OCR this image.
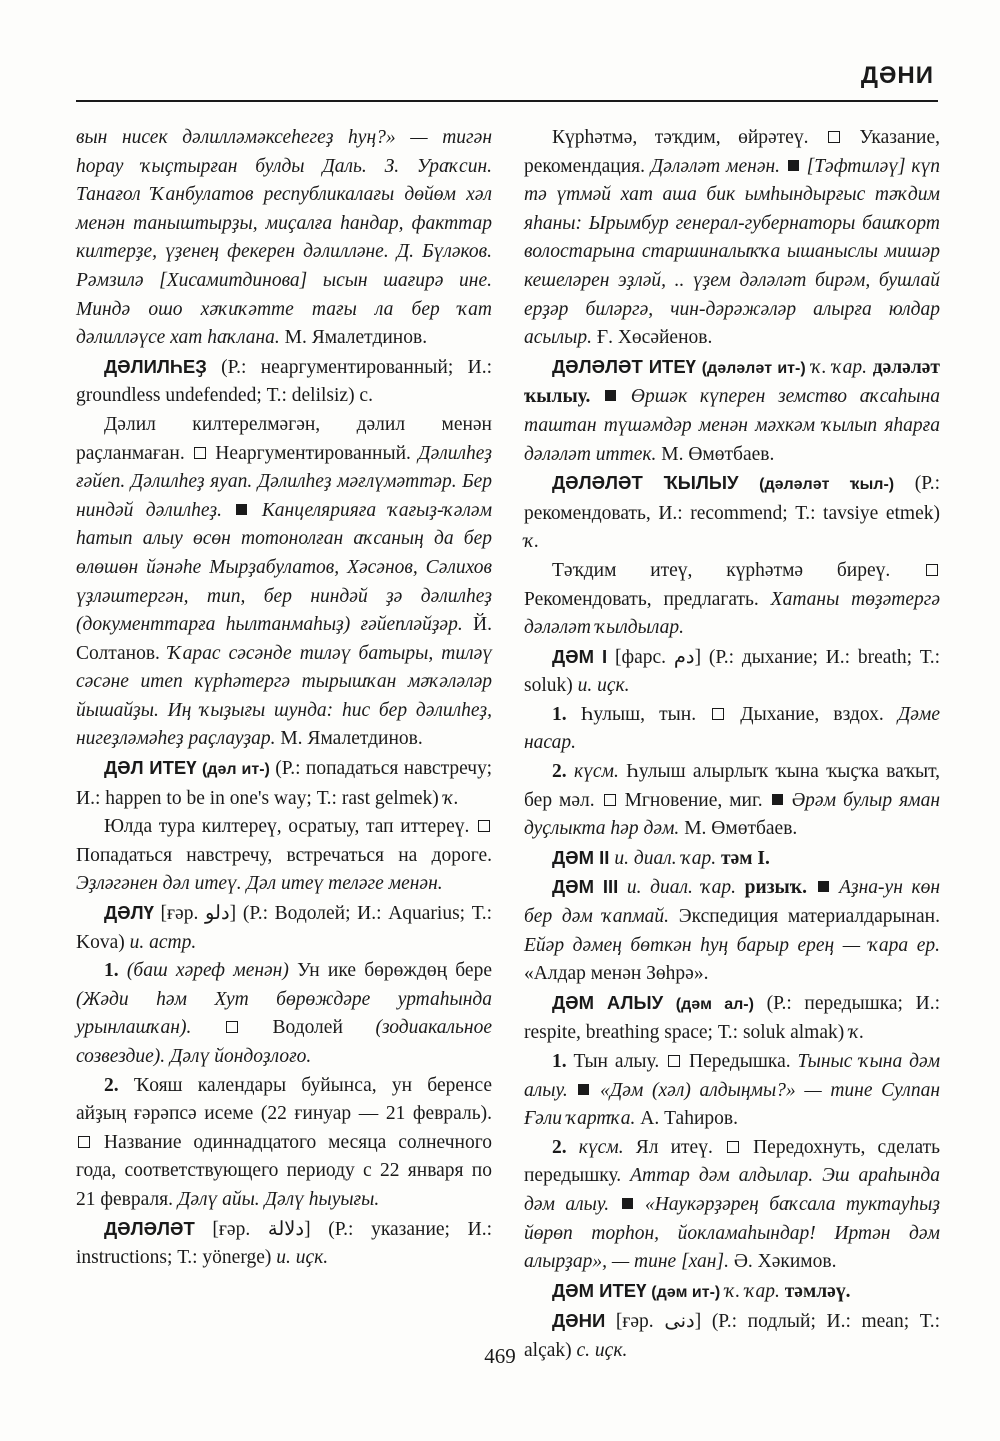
ДӘНИ

вын нисек дәлилләмәксеһегеҙ һуң?» — тигән һорау ҡыҫтырған булды Даль. З. Ураҡсин. Танағол Ҡанбулатов республикалағы дөйөм хәл менән таныштырҙы, миҫалға һандар, факттар килтерҙе, үҙенең фекерен дәлилләне. Д. Бүләков. Рәмзилә [Хисамитдинова] ысын шағирә ине. Миндә ошо хәҡиҡәтте тағы ла бер ҡат дәлилләүсе хат һаҡлана. М. Ямалетдинов.

ДӘЛИЛҺЕҘ (Р.: неаргументированный; И.: groundless undefended; Т.: delilsiz) с.

Дәлил килтерелмәгән, дәлил менән раҫланмаған. Неаргументированный. Дәлилһеҙ ғәйеп. Дәлилһеҙ яуап. Дәлилһеҙ мәғлүмәттәр. Бер ниндәй дәлилһеҙ. Канцелярияға ҡағыҙ-ҡәләм һатып алыу өсөн тотонолған аҡсаның да бер өлөшөн йәнәһе Мырҙабулатов, Хәсәнов, Сәлихов үҙләштергән, тип, бер ниндәй ҙә дәлилһеҙ (документтарға һылтанмаһыҙ) ғәйепләйҙәр. Й. Солтанов. Ҡарас сәсәнде тиләү батыры, тиләү сәсәне итеп күрһәтергә тырышҡан мәҡәләләр йышайҙы. Иң ҡыҙығы шунда: һис бер дәлилһеҙ, нигеҙләмәһеҙ раҫлауҙар. М. Ямалетдинов.

ДӘЛ ИТЕҮ (дәл ит-) (Р.: попадаться навстречу; И.: happen to be in one's way; Т.: rast gelmek) ҡ.

Юлда тура килтереү, осратыу, тап иттереү.  Попадаться навстречу, встречаться на дороге. Эҙләгәнен дәл итеү. Дәл итеү теләге менән.

ДӘЛҮ [ғәр. دلو] (Р.: Водолей; И.: Aquarius; Т.: Kova) и. астр.

1. (баш хәреф менән) Ун ике бөрөждөң бере (Жәди һәм Хут бөрөждәре уртаһында урынлашҡан).	Водолей (зодиакальное созвездие). Дәлү йондоҙлоғо.

2. Ҡояш календары буйынса, ун беренсе айҙың ғәрәпсә исеме (22 ғинуар — 21 февраль).  Название одиннадцатого месяца солнечного года, соответствующего периоду с 22 января по 21 февраля. Дәлү айы. Дәлү һыуығы.

ДӘЛӘЛӘТ [ғәр. دلالة] (Р.: указание; И.: instructions; Т.: yönerge) и. иҫк.

Күрһәтмә, тәҡдим, өйрәтеү.	Указание, рекомендация. Дәләләт менән. [Тәфтиләү] күп тә үтмәй хат аша бик ымһындырғыс тәҡдим яһаны: Ырымбур генерал-губернаторы башҡорт волостарына старшиналыҡҡа ышаныслы мишәр кешеләрен эҙләй, .. үҙем дәләләт бирәм, бушлай ерҙәр биләргә, чин-дәрәжәләр алырға юлдар асылыр. Ғ. Хөсәйенов.

ДӘЛӘЛӘТ ИТЕҮ (дәләләт ит-) ҡ. ҡар. дәләләт ҡылыу. Өршәк күперен земство аҡсаһына таштан түшәмдәр менән мәхкәм ҡылып яһарға дәләләт иттек. М. Өмөтбаев.

ДӘЛӘЛӘТ ҠЫЛЫУ (дәләләт ҡыл-) (Р.: рекомендовать, И.: recommend; Т.: tavsiye etmek) ҡ.

Тәҡдим итеү, күрһәтмә биреү.  Рекомендовать, предлагать. Хатаны төҙәтергә дәләләт ҡылдылар.

ДӘМ I [фарс. دم] (Р.: дыхание; И.: breath; Т.: soluk) и. иҫк.

1. Һулыш, тын. Дыхание, вздох. Дәме насар.

2. күсм. Һулыш алырлыҡ ҡына ҡыҫҡа ваҡыт, бер мәл. Мгновение, миг. Әрәм булыр яман дуҫлыкта һәр дәм. М. Өмөтбаев.

ДӘМ II и. диал. ҡар. тәм I.

ДӘМ III и. диал. ҡар. ризыҡ. Аҙна-ун көн бер дәм ҡапмай. Экспедиция материалдарынан. Ейәр дәмең бөткән һуң барыр ерең — ҡара ер. «Алдар менән Зөһрә».

ДӘМ АЛЫУ (дәм ал-) (Р.: передышка; И.: respite, breathing space; Т.: soluk almak) ҡ.

1. Тын алыу. Передышка. Тыныс ҡына дәм алыу. «Дәм (хәл) алдыңмы?» — тине Сулпан Ғәли ҡартҡа. А. Таһиров.

2. күсм. Ял итеү. Передохнуть, сделать передышку. Аттар дәм алдылар. Эш араһында дәм алыу. «Наукәрҙәрең баҡсала туктауһыҙ йөрөп торһон, йокламаһындар! Иртән дәм алырҙар», — тине [хан]. Ә. Хәкимов.

ДӘМ ИТЕҮ (дәм ит-) ҡ. ҡар. тәмләү.

ДӘНИ [ғәр. دنی] (Р.: подлый; И.: mean; Т.: alçak) с. иҫк.

469
